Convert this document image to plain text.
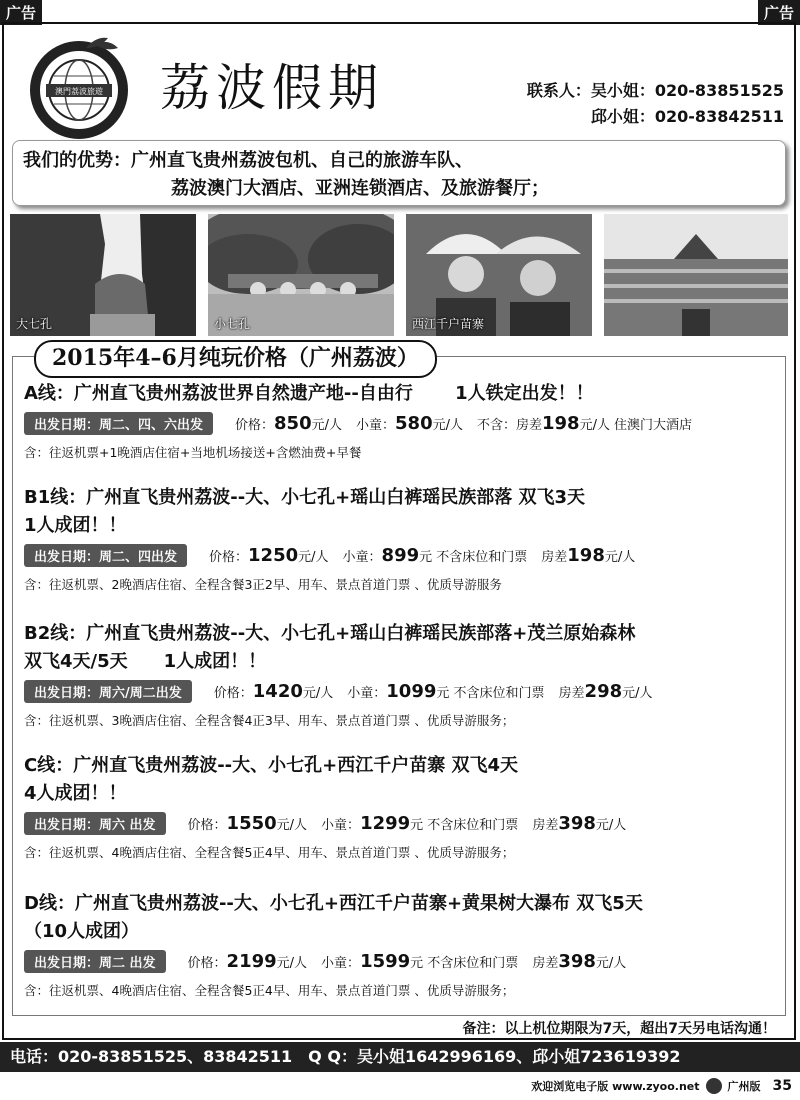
广告	广告
澳門荔波旅遊 荔波假期	联系人：吴小姐：020-83851525
邱小姐：020-83842511
我们的优势：广州直飞贵州荔波包机、自己的旅游车队、
荔波澳门大酒店、亚洲连锁酒店、及旅游餐厅；
大七孔	小七孔	西江千户苗寨
2015年4–6月纯玩价格（广州荔波）
A线：广州直飞贵州荔波世界自然遗产地--自由行　　 1人铁定出发！！
出发日期：周二、四、六出发	价格： 850 元/人 小童： 580 元/人 不含：房差 198 元/人 住澳门大酒店
含：往返机票+1晚酒店住宿+当地机场接送+含燃油费+早餐
B1线：广州直飞贵州荔波--大、小七孔+瑶山白裤瑶民族部落 双飞3天
1人成团！！
出发日期：周二、四出发	价格： 1250 元/人 小童： 899 元 不含床位和门票 房差 198 元/人
含：往返机票、2晚酒店住宿、全程含餐3正2早、用车、景点首道门票 、优质导游服务
B2线：广州直飞贵州荔波--大、小七孔+瑶山白裤瑶民族部落+茂兰原始森林
双飞4天/5天　　1人成团！！
出发日期：周六/周二出发	价格： 1420 元/人 小童： 1099 元 不含床位和门票 房差 298 元/人
含：往返机票、3晚酒店住宿、全程含餐4正3早、用车、景点首道门票 、优质导游服务；
C线：广州直飞贵州荔波--大、小七孔+西江千户苗寨 双飞4天
4人成团！！
出发日期：周六 出发	价格： 1550 元/人 小童： 1299 元 不含床位和门票 房差 398 元/人
含：往返机票、4晚酒店住宿、全程含餐5正4早、用车、景点首道门票 、优质导游服务；
D线：广州直飞贵州荔波--大、小七孔+西江千户苗寨+黄果树大瀑布 双飞5天
（10人成团）
出发日期：周二 出发	价格： 2199 元/人 小童： 1599 元 不含床位和门票 房差 398 元/人
含：往返机票、4晚酒店住宿、全程含餐5正4早、用车、景点首道门票 、优质导游服务；
备注：以上机位期限为7天，超出7天另电话沟通！
电话：020-83851525、83842511　Q Q：吴小姐1642996169、邱小姐723619392
欢迎浏览电子版 www.zyoo.net	广州版 35
